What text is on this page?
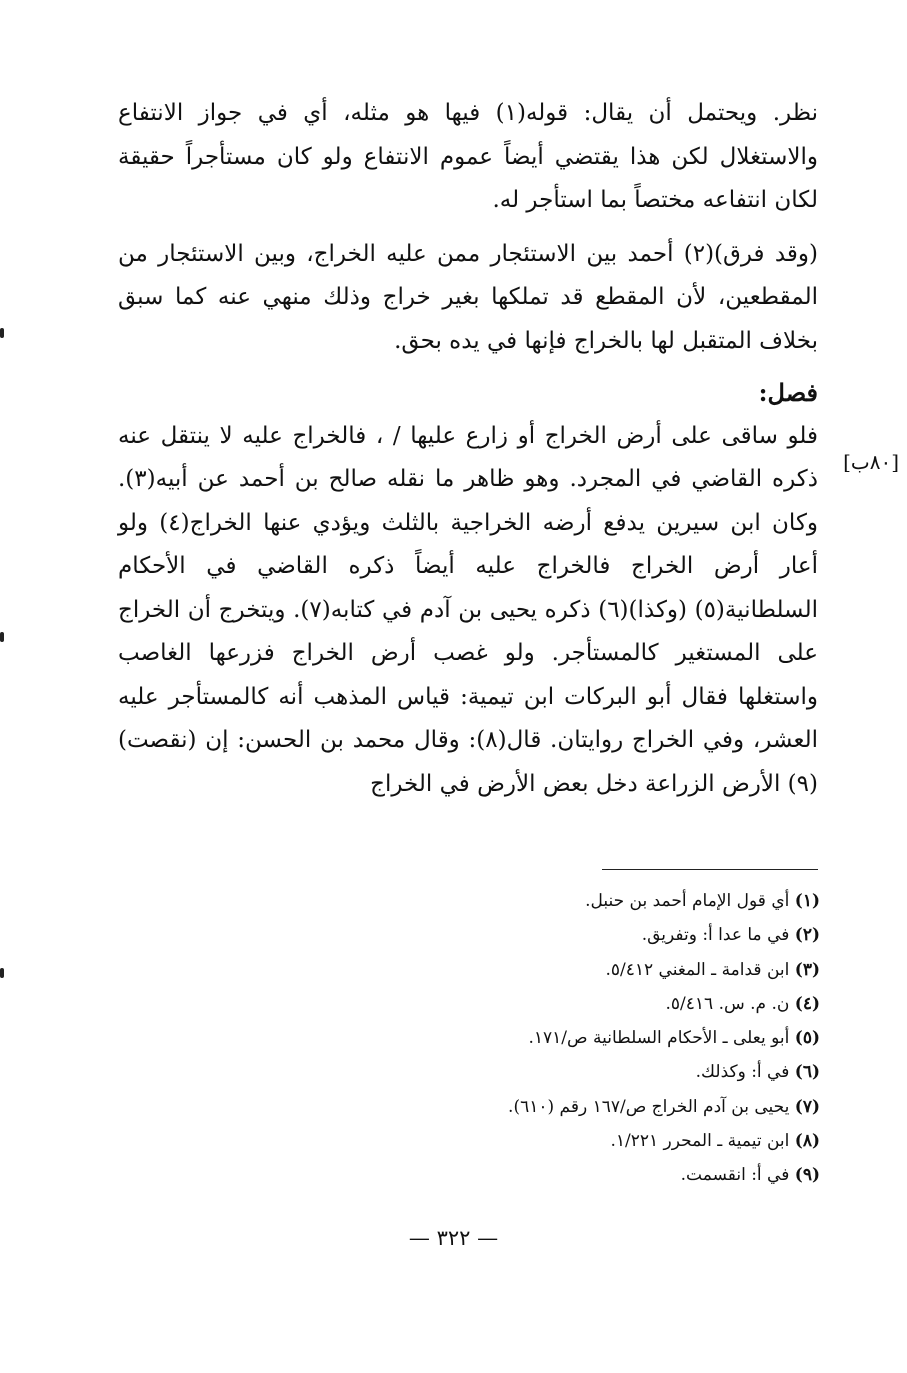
نظر. ويحتمل أن يقال: قوله(١) فيها هو مثله، أي في جواز الانتفاع والاستغلال لكن هذا يقتضي أيضاً عموم الانتفاع ولو كان مستأجراً حقيقة لكان انتفاعه مختصاً بما استأجر له.

(وقد فرق)(٢) أحمد بين الاستئجار ممن عليه الخراج، وبين الاستئجار من المقطعين، لأن المقطع قد تملكها بغير خراج وذلك منهي عنه كما سبق بخلاف المتقبل لها بالخراج فإنها في يده بحق.

فصل:

فلو ساقى على أرض الخراج أو زارع عليها / ، فالخراج عليه لا ينتقل عنه ذكره القاضي في المجرد. وهو ظاهر ما نقله صالح بن أحمد عن أبيه(٣). وكان ابن سيرين يدفع أرضه الخراجية بالثلث ويؤدي عنها الخراج(٤) ولو أعار أرض الخراج فالخراج عليه أيضاً ذكره القاضي في الأحكام السلطانية(٥) (وكذا)(٦) ذكره يحيى بن آدم في كتابه(٧). ويتخرج أن الخراج على المستغير كالمستأجر. ولو غصب أرض الخراج فزرعها الغاصب واستغلها فقال أبو البركات ابن تيمية: قياس المذهب أنه كالمستأجر عليه العشر، وفي الخراج روايتان. قال(٨): وقال محمد بن الحسن: إن (نقصت)(٩) الأرض الزراعة دخل بعض الأرض في الخراج

[٨٠ب]
(١) أي قول الإمام أحمد بن حنبل.
(٢) في ما عدا أ: وتفريق.
(٣) ابن قدامة ـ المغني ٥/٤١٢.
(٤) ن. م. س. ٥/٤١٦.
(٥) أبو يعلى ـ الأحكام السلطانية ص/١٧١.
(٦) في أ: وكذلك.
(٧) يحيى بن آدم الخراج ص/١٦٧ رقم (٦١٠).
(٨) ابن تيمية ـ المحرر ١/٢٢١.
(٩) في أ: انقسمت.
— ٣٢٢ —
